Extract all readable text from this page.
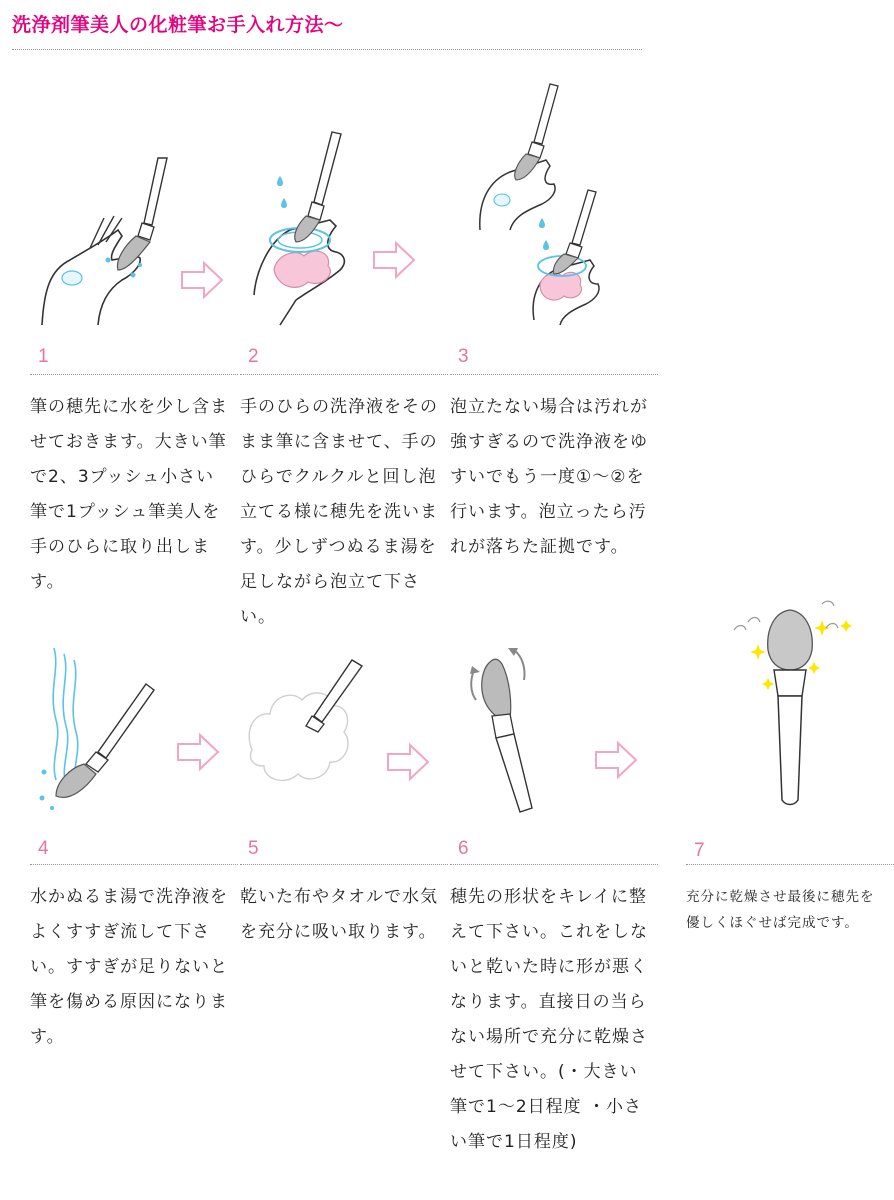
洗浄剤筆美人の化粧筆お手入れ方法〜
1

筆の穂先に水を少し含ませておきます。大きい筆で2、3プッシュ小さい筆で1プッシュ筆美人を手のひらに取り出します。

2

手のひらの洗浄液をそのまま筆に含ませて、手のひらでクルクルと回し泡立てる様に穂先を洗います。少しずつぬるま湯を足しながら泡立て下さい。

3

泡立たない場合は汚れが強すぎるので洗浄液をゆすいでもう一度①〜②を行います。泡立ったら汚れが落ちた証拠です。

4

水かぬるま湯で洗浄液をよくすすぎ流して下さい。すすぎが足りないと筆を傷める原因になります。

5

乾いた布やタオルで水気を充分に吸い取ります。

6

穂先の形状をキレイに整えて下さい。これをしないと乾いた時に形が悪くなります。直接日の当らない場所で充分に乾燥させて下さい。(・大きい筆で1〜2日程度 ・小さい筆で1日程度)

7

充分に乾燥させ最後に穂先を優しくほぐせば完成です。
